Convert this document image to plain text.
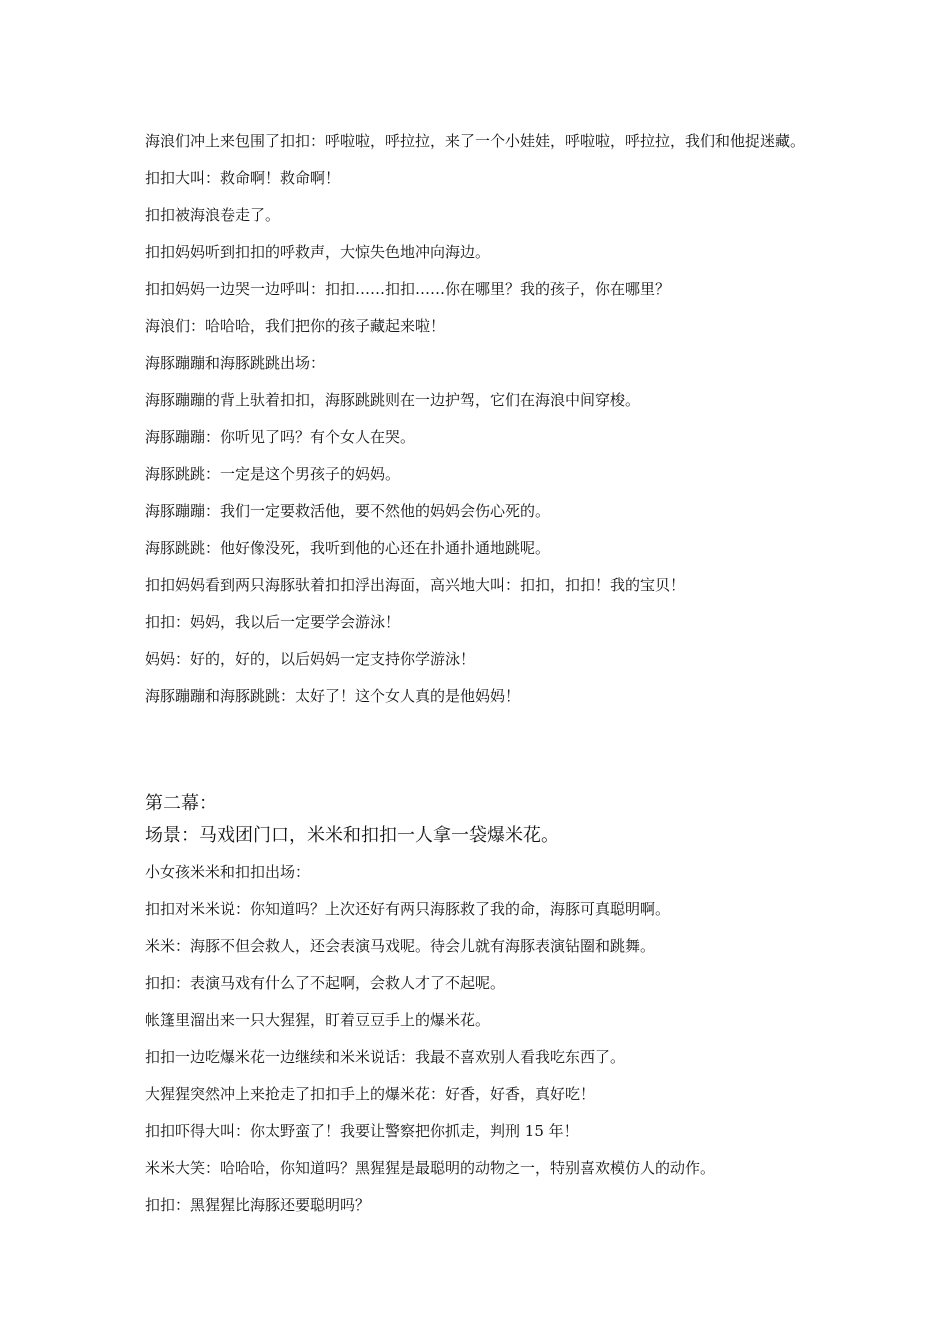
海浪们冲上来包围了扣扣：呼啦啦，呼拉拉，来了一个小娃娃，呼啦啦，呼拉拉，我们和他捉迷藏。
扣扣大叫：救命啊！救命啊！
扣扣被海浪卷走了。
扣扣妈妈听到扣扣的呼救声，大惊失色地冲向海边。
扣扣妈妈一边哭一边呼叫：扣扣……扣扣……你在哪里？我的孩子，你在哪里？
海浪们：哈哈哈，我们把你的孩子藏起来啦！
海豚蹦蹦和海豚跳跳出场：
海豚蹦蹦的背上驮着扣扣，海豚跳跳则在一边护驾，它们在海浪中间穿梭。
海豚蹦蹦：你听见了吗？有个女人在哭。
海豚跳跳：一定是这个男孩子的妈妈。
海豚蹦蹦：我们一定要救活他，要不然他的妈妈会伤心死的。
海豚跳跳：他好像没死，我听到他的心还在扑通扑通地跳呢。
扣扣妈妈看到两只海豚驮着扣扣浮出海面，高兴地大叫：扣扣，扣扣！我的宝贝！
扣扣：妈妈，我以后一定要学会游泳！
妈妈：好的，好的，以后妈妈一定支持你学游泳！
海豚蹦蹦和海豚跳跳：太好了！这个女人真的是他妈妈！
第二幕：
场景：马戏团门口，米米和扣扣一人拿一袋爆米花。
小女孩米米和扣扣出场：
扣扣对米米说：你知道吗？上次还好有两只海豚救了我的命，海豚可真聪明啊。
米米：海豚不但会救人，还会表演马戏呢。待会儿就有海豚表演钻圈和跳舞。
扣扣：表演马戏有什么了不起啊，会救人才了不起呢。
帐篷里溜出来一只大猩猩，盯着豆豆手上的爆米花。
扣扣一边吃爆米花一边继续和米米说话：我最不喜欢别人看我吃东西了。
大猩猩突然冲上来抢走了扣扣手上的爆米花：好香，好香，真好吃！
扣扣吓得大叫：你太野蛮了！我要让警察把你抓走，判刑 15 年！
米米大笑：哈哈哈，你知道吗？黑猩猩是最聪明的动物之一，特别喜欢模仿人的动作。
扣扣：黑猩猩比海豚还要聪明吗？
